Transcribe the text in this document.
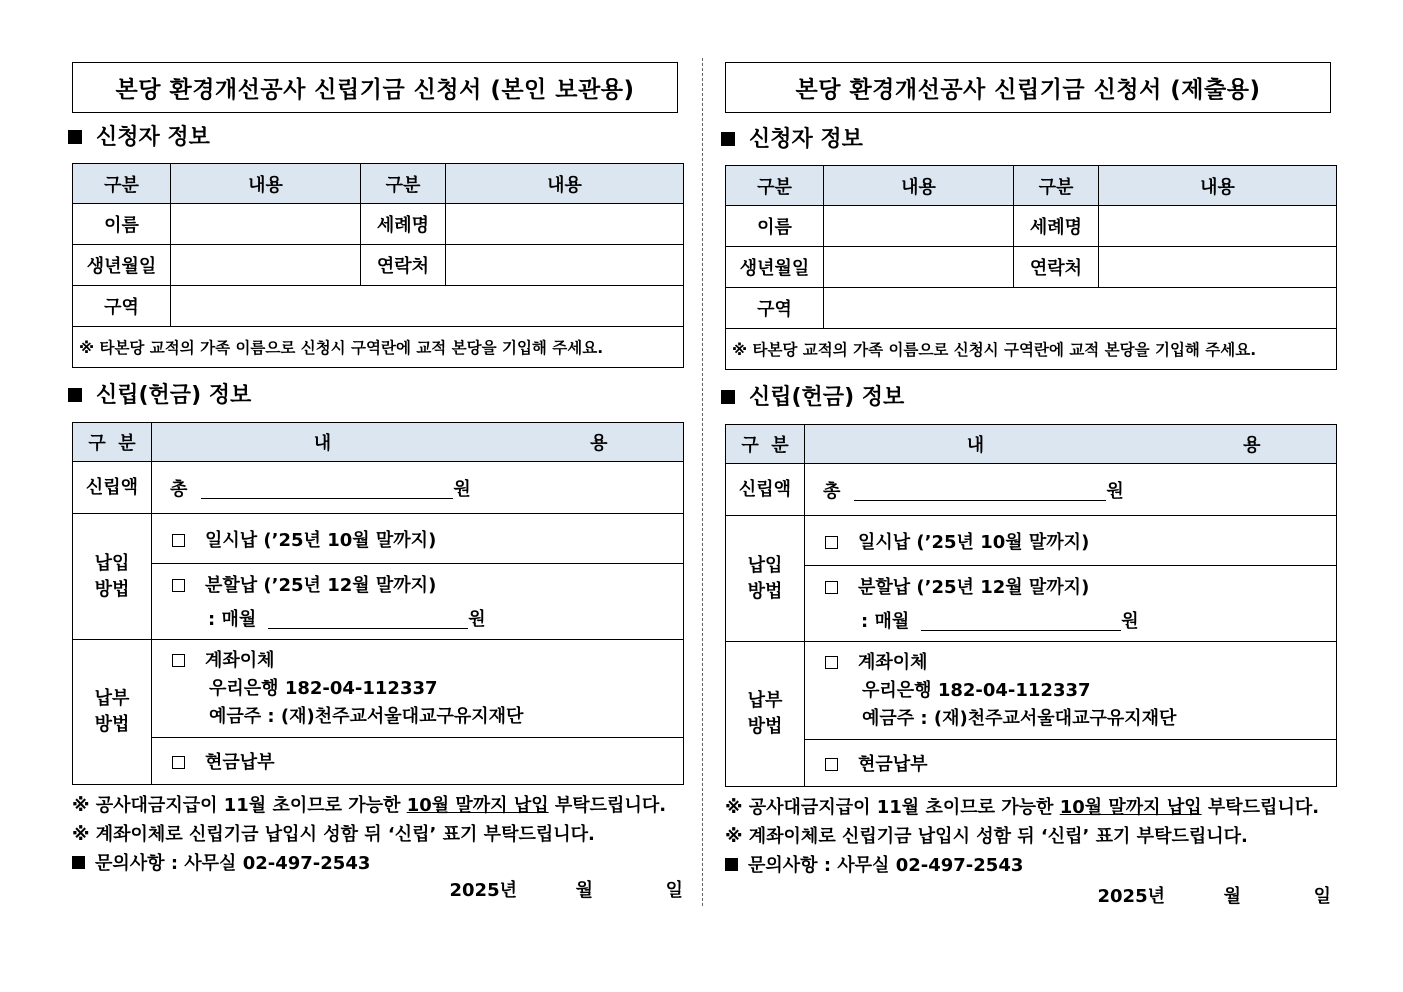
본당 환경개선공사 신립기금 신청서 (본인 보관용)
신청자 정보
구분	내용	구분	내용
이름		세례명	
생년월일		연락처	
구역			
※ 타본당 교적의 가족 이름으로 신청시 구역란에 교적 본당을 기입해 주세요.			
신립(헌금) 정보
구  분	내 용
신립액	총 원
납입
방법	일시납 (’25년 10월 말까지)
	분할납 (’25년 12월 말까지)
: 매월 원
납부
방법	계좌이체
우리은행 182-04-112337
예금주 : (재)천주교서울대교구유지재단
	현금납부
※ 공사대금지급이 11월 초이므로 가능한 10월 말까지 납입 부탁드립니다.
※ 계좌이체로 신립기금 납입시 성함 뒤 ‘신립’ 표기 부탁드립니다.
문의사항 : 사무실 02-497-2543
2025년	월	일
본당 환경개선공사 신립기금 신청서 (제출용)
신청자 정보
구분	내용	구분	내용
이름		세례명	
생년월일		연락처	
구역			
※ 타본당 교적의 가족 이름으로 신청시 구역란에 교적 본당을 기입해 주세요.			
신립(헌금) 정보
구  분	내 용
신립액	총 원
납입
방법	일시납 (’25년 10월 말까지)
	분할납 (’25년 12월 말까지)
: 매월 원
납부
방법	계좌이체
우리은행 182-04-112337
예금주 : (재)천주교서울대교구유지재단
	현금납부
※ 공사대금지급이 11월 초이므로 가능한 10월 말까지 납입 부탁드립니다.
※ 계좌이체로 신립기금 납입시 성함 뒤 ‘신립’ 표기 부탁드립니다.
문의사항 : 사무실 02-497-2543
2025년	월	일
